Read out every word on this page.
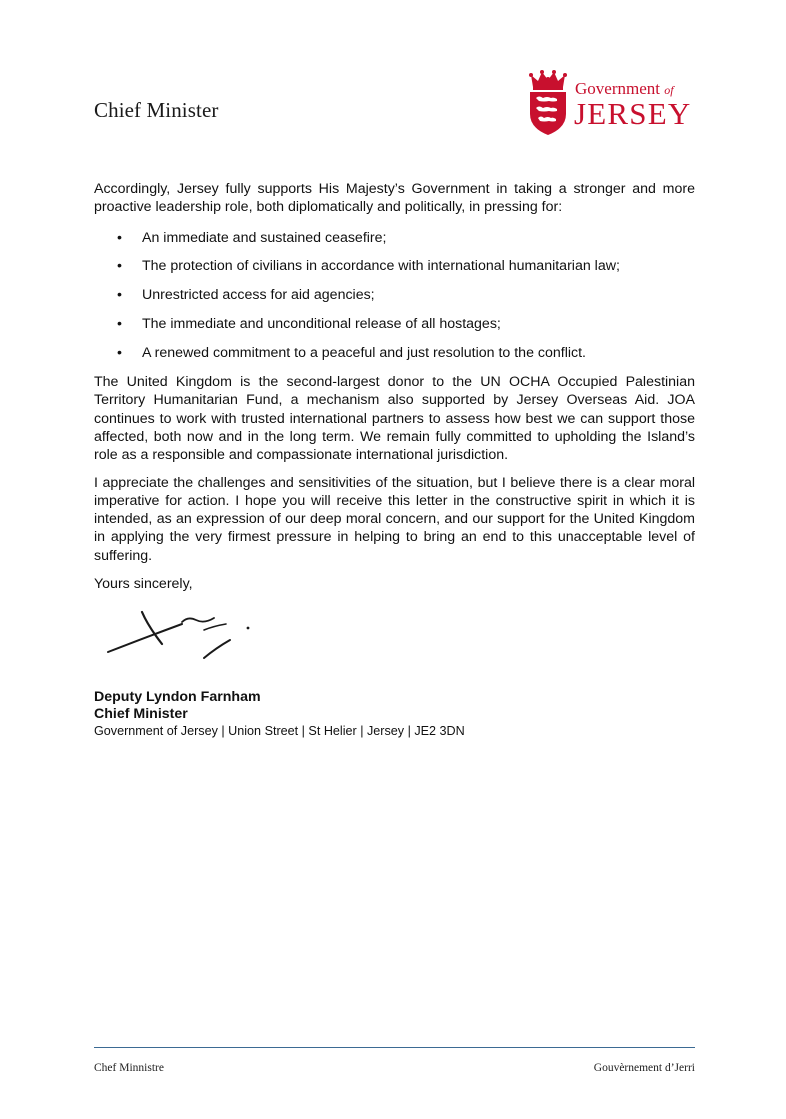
Chief Minister
Government of
JERSEY

Accordingly, Jersey fully supports His Majesty’s Government in taking a stronger and more proactive leadership role, both diplomatically and politically, in pressing for:

• An immediate and sustained ceasefire;
• The protection of civilians in accordance with international humanitarian law;
• Unrestricted access for aid agencies;
• The immediate and unconditional release of all hostages;
• A renewed commitment to a peaceful and just resolution to the conflict.

The United Kingdom is the second-largest donor to the UN OCHA Occupied Palestinian Territory Humanitarian Fund, a mechanism also supported by Jersey Overseas Aid. JOA continues to work with trusted international partners to assess how best we can support those affected, both now and in the long term. We remain fully committed to upholding the Island’s role as a responsible and compassionate international jurisdiction.

I appreciate the challenges and sensitivities of the situation, but I believe there is a clear moral imperative for action. I hope you will receive this letter in the constructive spirit in which it is intended, as an expression of our deep moral concern, and our support for the United Kingdom in applying the very firmest pressure in helping to bring an end to this unacceptable level of suffering.

Yours sincerely,
Deputy Lyndon Farnham
Chief Minister
Government of Jersey | Union Street | St Helier | Jersey | JE2 3DN
Chef Minnistre	Gouvèrnement d’Jerri
